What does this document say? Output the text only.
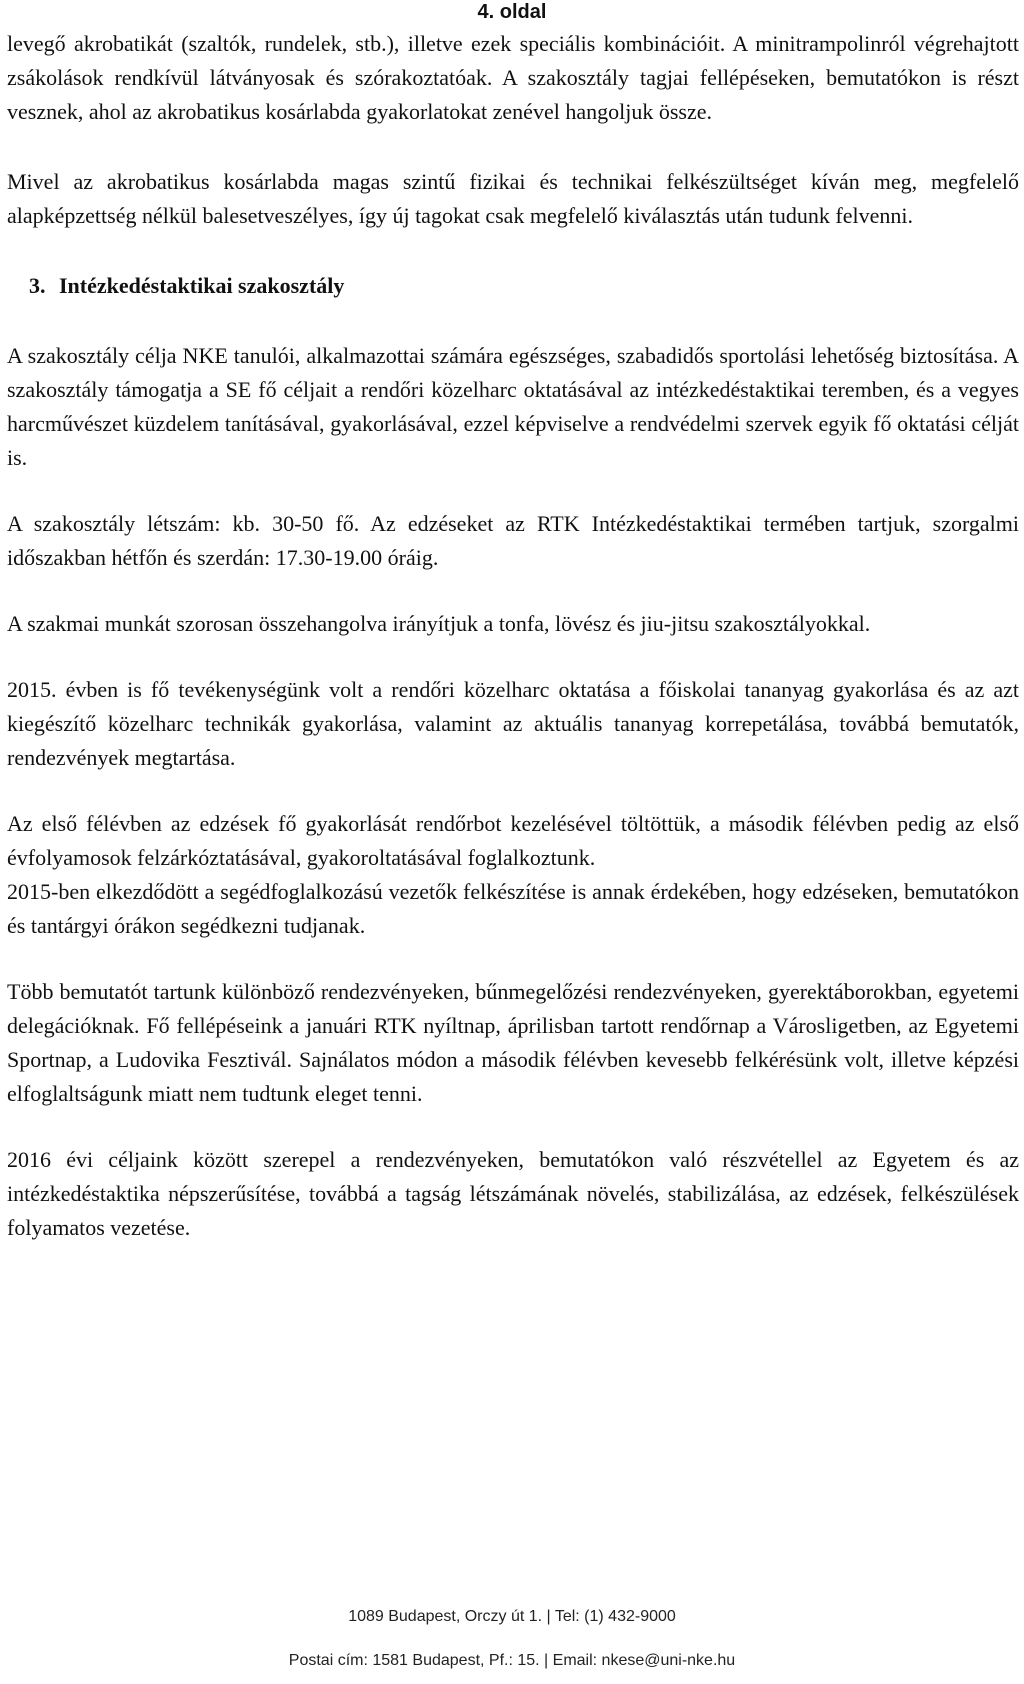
4. oldal

levegő akrobatikát (szaltók, rundelek, stb.), illetve ezek speciális kombinációit. A minitrampolinról végrehajtott zsákolások rendkívül látványosak és szórakoztatóak. A szakosztály tagjai fellépéseken, bemutatókon is részt vesznek, ahol az akrobatikus kosárlabda gyakorlatokat zenével hangoljuk össze.

Mivel az akrobatikus kosárlabda magas szintű fizikai és technikai felkészültséget kíván meg, megfelelő alapképzettség nélkül balesetveszélyes, így új tagokat csak megfelelő kiválasztás után tudunk felvenni.

3. Intézkedéstaktikai szakosztály

A szakosztály célja NKE tanulói, alkalmazottai számára egészséges, szabadidős sportolási lehetőség biztosítása. A szakosztály támogatja a SE fő céljait a rendőri közelharc oktatásával az intézkedéstaktikai teremben, és a vegyes harcművészet küzdelem tanításával, gyakorlásával, ezzel képviselve a rendvédelmi szervek egyik fő oktatási célját is.

A szakosztály létszám: kb. 30-50 fő. Az edzéseket az RTK Intézkedéstaktikai termében tartjuk, szorgalmi időszakban hétfőn és szerdán: 17.30-19.00 óráig.

A szakmai munkát szorosan összehangolva irányítjuk a tonfa, lövész és jiu-jitsu szakosztályokkal.

2015. évben is fő tevékenységünk volt a rendőri közelharc oktatása a főiskolai tananyag gyakorlása és az azt kiegészítő közelharc technikák gyakorlása, valamint az aktuális tananyag korrepetálása, továbbá bemutatók, rendezvények megtartása.

Az első félévben az edzések fő gyakorlását rendőrbot kezelésével töltöttük, a második félévben pedig az első évfolyamosok felzárkóztatásával, gyakoroltatásával foglalkoztunk.

2015-ben elkezdődött a segédfoglalkozású vezetők felkészítése is annak érdekében, hogy edzéseken, bemutatókon és tantárgyi órákon segédkezni tudjanak.

Több bemutatót tartunk különböző rendezvényeken, bűnmegelőzési rendezvényeken, gyerektáborokban, egyetemi delegációknak. Fő fellépéseink a januári RTK nyíltnap, áprilisban tartott rendőrnap a Városligetben, az Egyetemi Sportnap, a Ludovika Fesztivál. Sajnálatos módon a második félévben kevesebb felkérésünk volt, illetve képzési elfoglaltságunk miatt nem tudtunk eleget tenni.

2016 évi céljaink között szerepel a rendezvényeken, bemutatókon való részvétellel az Egyetem és az intézkedéstaktika népszerűsítése, továbbá a tagság létszámának növelés, stabilizálása, az edzések, felkészülések folyamatos vezetése.

1089 Budapest, Orczy út 1. | Tel: (1) 432-9000
Postai cím: 1581 Budapest, Pf.: 15. | Email: nkese@uni-nke.hu
